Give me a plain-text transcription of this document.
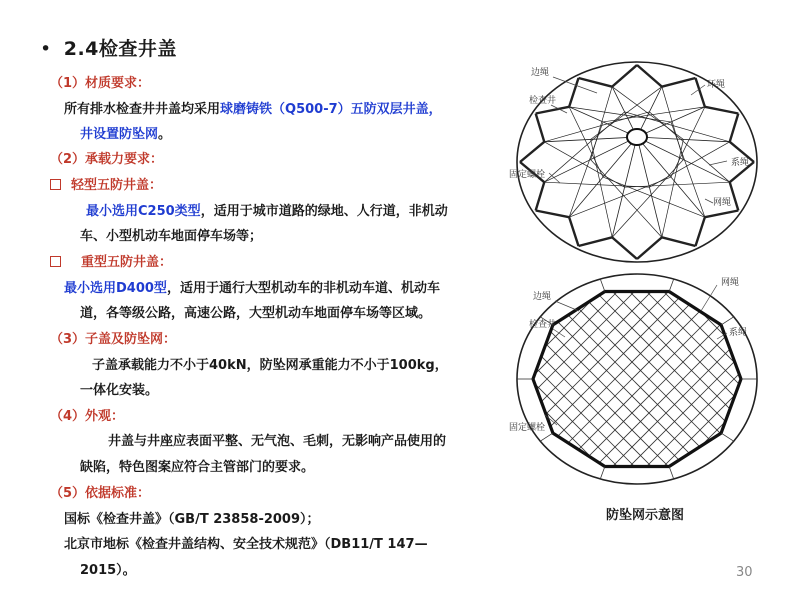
• 2.4检查井盖
（1）材质要求：
所有排水检查井井盖均采用球磨铸铁（Q500-7）五防双层井盖，
井设置防坠网。
（2）承载力要求：
轻型五防井盖：
最小选用C250类型，适用于城市道路的绿地、人行道，非机动
车、小型机动车地面停车场等；
重型五防井盖：
最小选用D400型，适用于通行大型机动车的非机动车道、机动车
道，各等级公路，高速公路，大型机动车地面停车场等区域。
（3）子盖及防坠网：
子盖承载能力不小于40kN，防坠网承重能力不小于100kg，
一体化安装。
（4）外观：
井盖与井座应表面平整、无气泡、毛刺，无影响产品使用的
缺陷，特色图案应符合主管部门的要求。
（5）依据标准：
国标《检查井盖》（GB/T 23858-2009）；
北京市地标《检查井盖结构、安全技术规范》（DB11/T 147—
2015）。
边绳
检查井
环绳
系绳
固定螺栓
网绳
网绳
边绳
检查井
系绳
固定螺栓
防坠网示意图
30
